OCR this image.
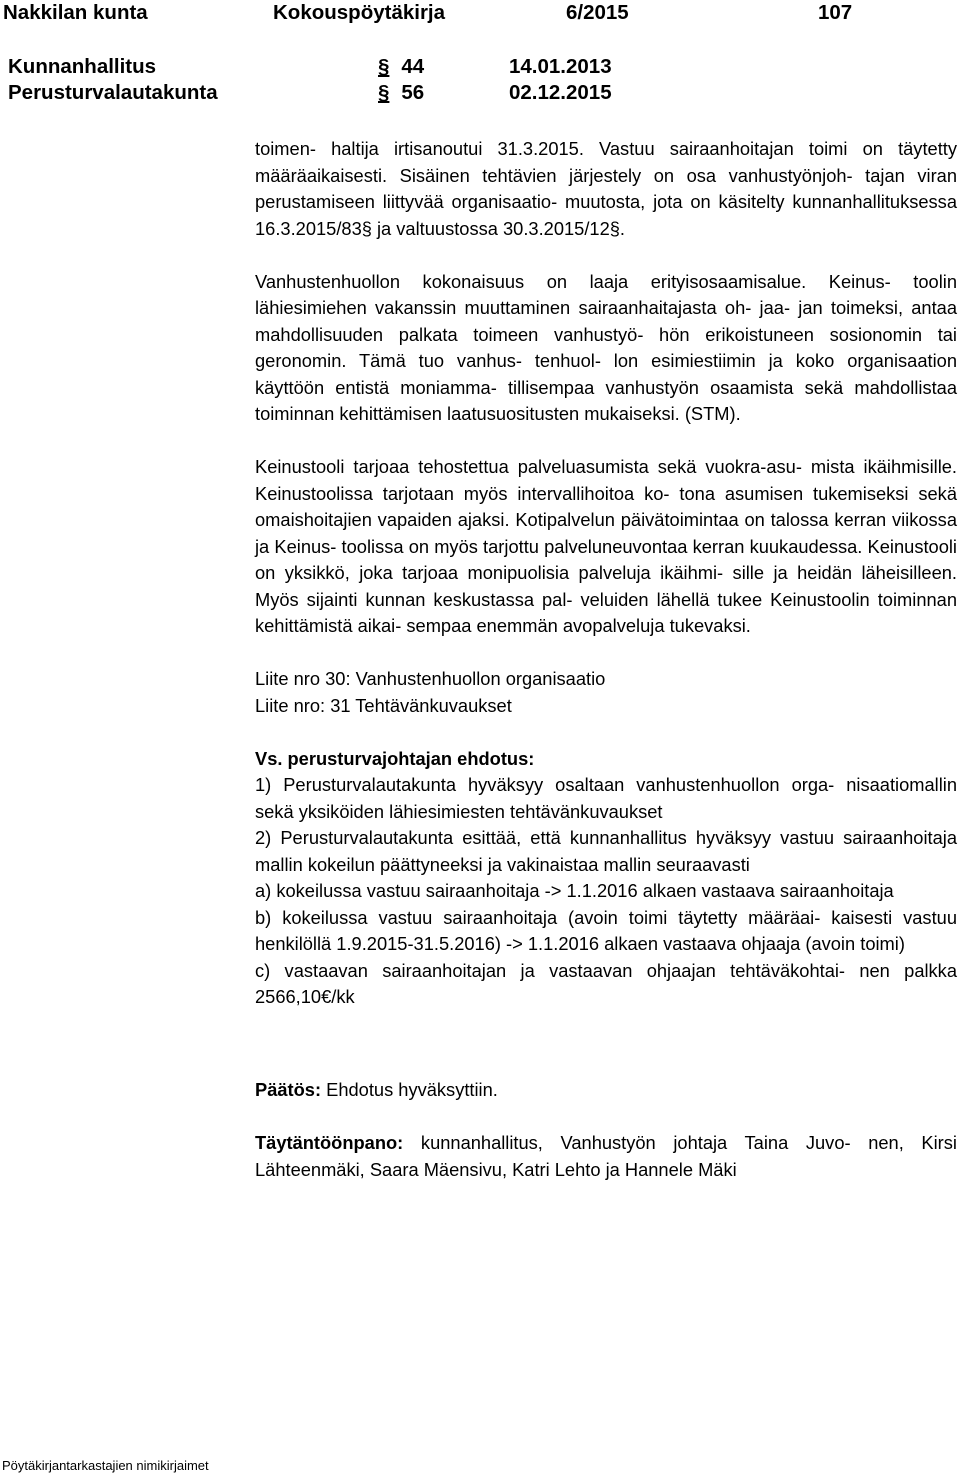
Nakkilan kunta	Kokouspöytäkirja	6/2015	107
Kunnanhallitus	§ 44	14.01.2013
Perusturvalautakunta	§ 56	02.12.2015

toimen- haltija irtisanoutui 31.3.2015. Vastuu sairaanhoitajan toimi on täytetty määräaikaisesti. Sisäinen tehtävien järjestely on osa vanhustyönjoh- tajan viran perustamiseen liittyvää organisaatio- muutosta, jota on käsitelty kunnanhallituksessa 16.3.2015/83§ ja valtuustossa 30.3.2015/12§.

Vanhustenhuollon kokonaisuus on laaja erityisosaamisalue. Keinus- toolin lähiesimiehen vakanssin muuttaminen sairaanhaitajasta oh- jaa- jan toimeksi, antaa mahdollisuuden palkata toimeen vanhustyö- hön erikoistuneen sosionomin tai geronomin. Tämä tuo vanhus- tenhuol- lon esimiestiimin ja koko organisaation käyttöön entistä moniamma- tillisempaa vanhustyön osaamista sekä mahdollistaa toiminnan kehittämisen laatusuositusten mukaiseksi. (STM).

Keinustooli tarjoaa tehostettua palveluasumista sekä vuokra-asu- mista ikäihmisille. Keinustoolissa tarjotaan myös intervallihoitoa ko- tona asumisen tukemiseksi sekä omaishoitajien vapaiden ajaksi. Kotipalvelun päivätoimintaa on talossa kerran viikossa ja Keinus- toolissa on myös tarjottu palveluneuvontaa kerran kuukaudessa. Keinustooli on yksikkö, joka tarjoaa monipuolisia palveluja ikäihmi- sille ja heidän läheisilleen. Myös sijainti kunnan keskustassa pal- veluiden lähellä tukee Keinustoolin toiminnan kehittämistä aikai- sempaa enemmän avopalveluja tukevaksi.

Liite nro 30: Vanhustenhuollon organisaatio

Liite nro: 31 Tehtävänkuvaukset

Vs. perusturvajohtajan ehdotus:

1) Perusturvalautakunta hyväksyy osaltaan vanhustenhuollon orga- nisaatiomallin sekä yksiköiden lähiesimiesten tehtävänkuvaukset

2) Perusturvalautakunta esittää, että kunnanhallitus hyväksyy vastuu sairaanhoitaja mallin kokeilun päättyneeksi ja vakinaistaa mallin seuraavasti

a) kokeilussa vastuu sairaanhoitaja -> 1.1.2016 alkaen vastaava sairaanhoitaja

b) kokeilussa vastuu sairaanhoitaja (avoin toimi täytetty määräai- kaisesti vastuu henkilöllä 1.9.2015-31.5.2016) -> 1.1.2016 alkaen vastaava ohjaaja (avoin toimi)

c) vastaavan sairaanhoitajan ja vastaavan ohjaajan tehtäväkohtai- nen palkka 2566,10€/kk

Päätös: Ehdotus hyväksyttiin.

Täytäntöönpano: kunnanhallitus, Vanhustyön johtaja Taina Juvo- nen, Kirsi Lähteenmäki, Saara Mäensivu, Katri Lehto ja Hannele Mäki

Pöytäkirjantarkastajien nimikirjaimet
